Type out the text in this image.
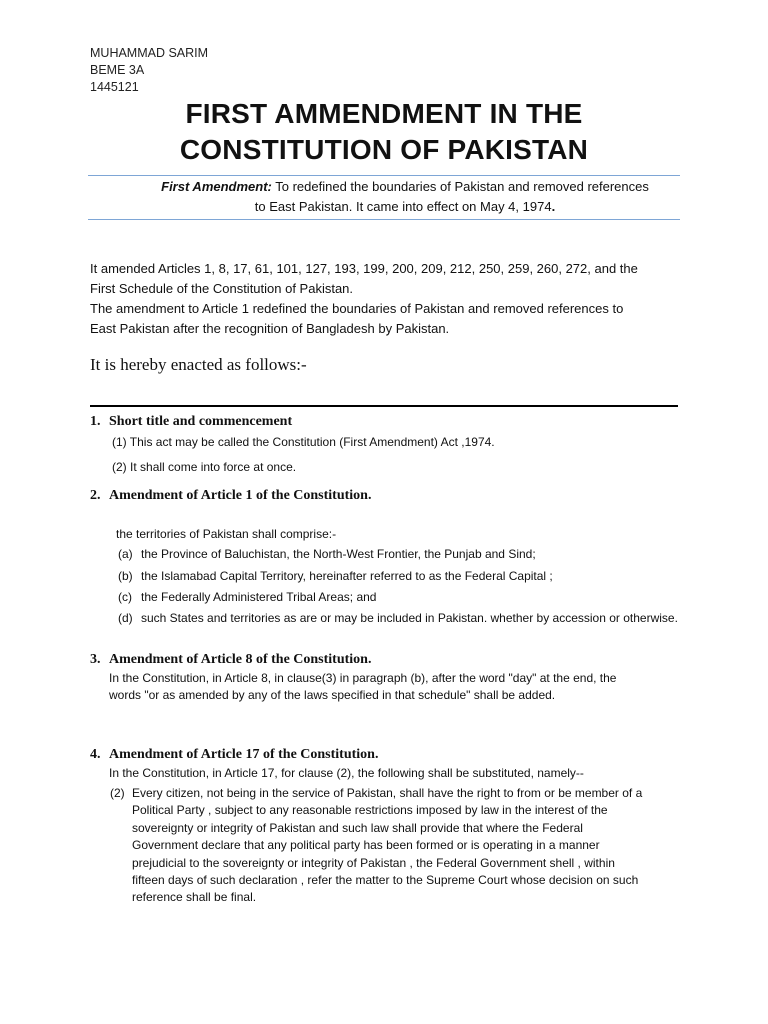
MUHAMMAD SARIM
BEME 3A
1445121
FIRST AMMENDMENT IN THE
CONSTITUTION OF PAKISTAN
First Amendment: To redefined the boundaries of Pakistan and removed references
to East Pakistan. It came into effect on May 4, 1974.

It amended Articles 1, 8, 17, 61, 101, 127, 193, 199, 200, 209, 212, 250, 259, 260, 272, and the

First Schedule of the Constitution of Pakistan.

The amendment to Article 1 redefined the boundaries of Pakistan and removed references to

East Pakistan after the recognition of Bangladesh by Pakistan.

It is hereby enacted as follows:-
1. Short title and commencement
(1) This act may be called the Constitution (First Amendment) Act ,1974.
(2) It shall come into force at once.
2. Amendment of Article 1 of the Constitution.
the territories of Pakistan shall comprise:-
(a) the Province of Baluchistan, the North-West Frontier, the Punjab and Sind;
(b) the Islamabad Capital Territory, hereinafter referred to as the Federal Capital ;
(c) the Federally Administered Tribal Areas; and
(d) such States and territories as are or may be included in Pakistan. whether by accession or otherwise.
3. Amendment of Article 8 of the Constitution.
In the Constitution, in Article 8, in clause(3) in paragraph (b), after the word "day" at the end, the
words "or as amended by any of the laws specified in that schedule" shall be added.
4. Amendment of Article 17 of the Constitution.
In the Constitution, in Article 17, for clause (2), the following shall be substituted, namely--
(2) Every citizen, not being in the service of Pakistan, shall have the right to from or be member of a
Political Party , subject to any reasonable restrictions imposed by law in the interest of the
sovereignty or integrity of Pakistan and such law shall provide that where the Federal
Government declare that any political party has been formed or is operating in a manner
prejudicial to the sovereignty or integrity of Pakistan , the Federal Government shell , within
fifteen days of such declaration , refer the matter to the Supreme Court whose decision on such
reference shall be final.
